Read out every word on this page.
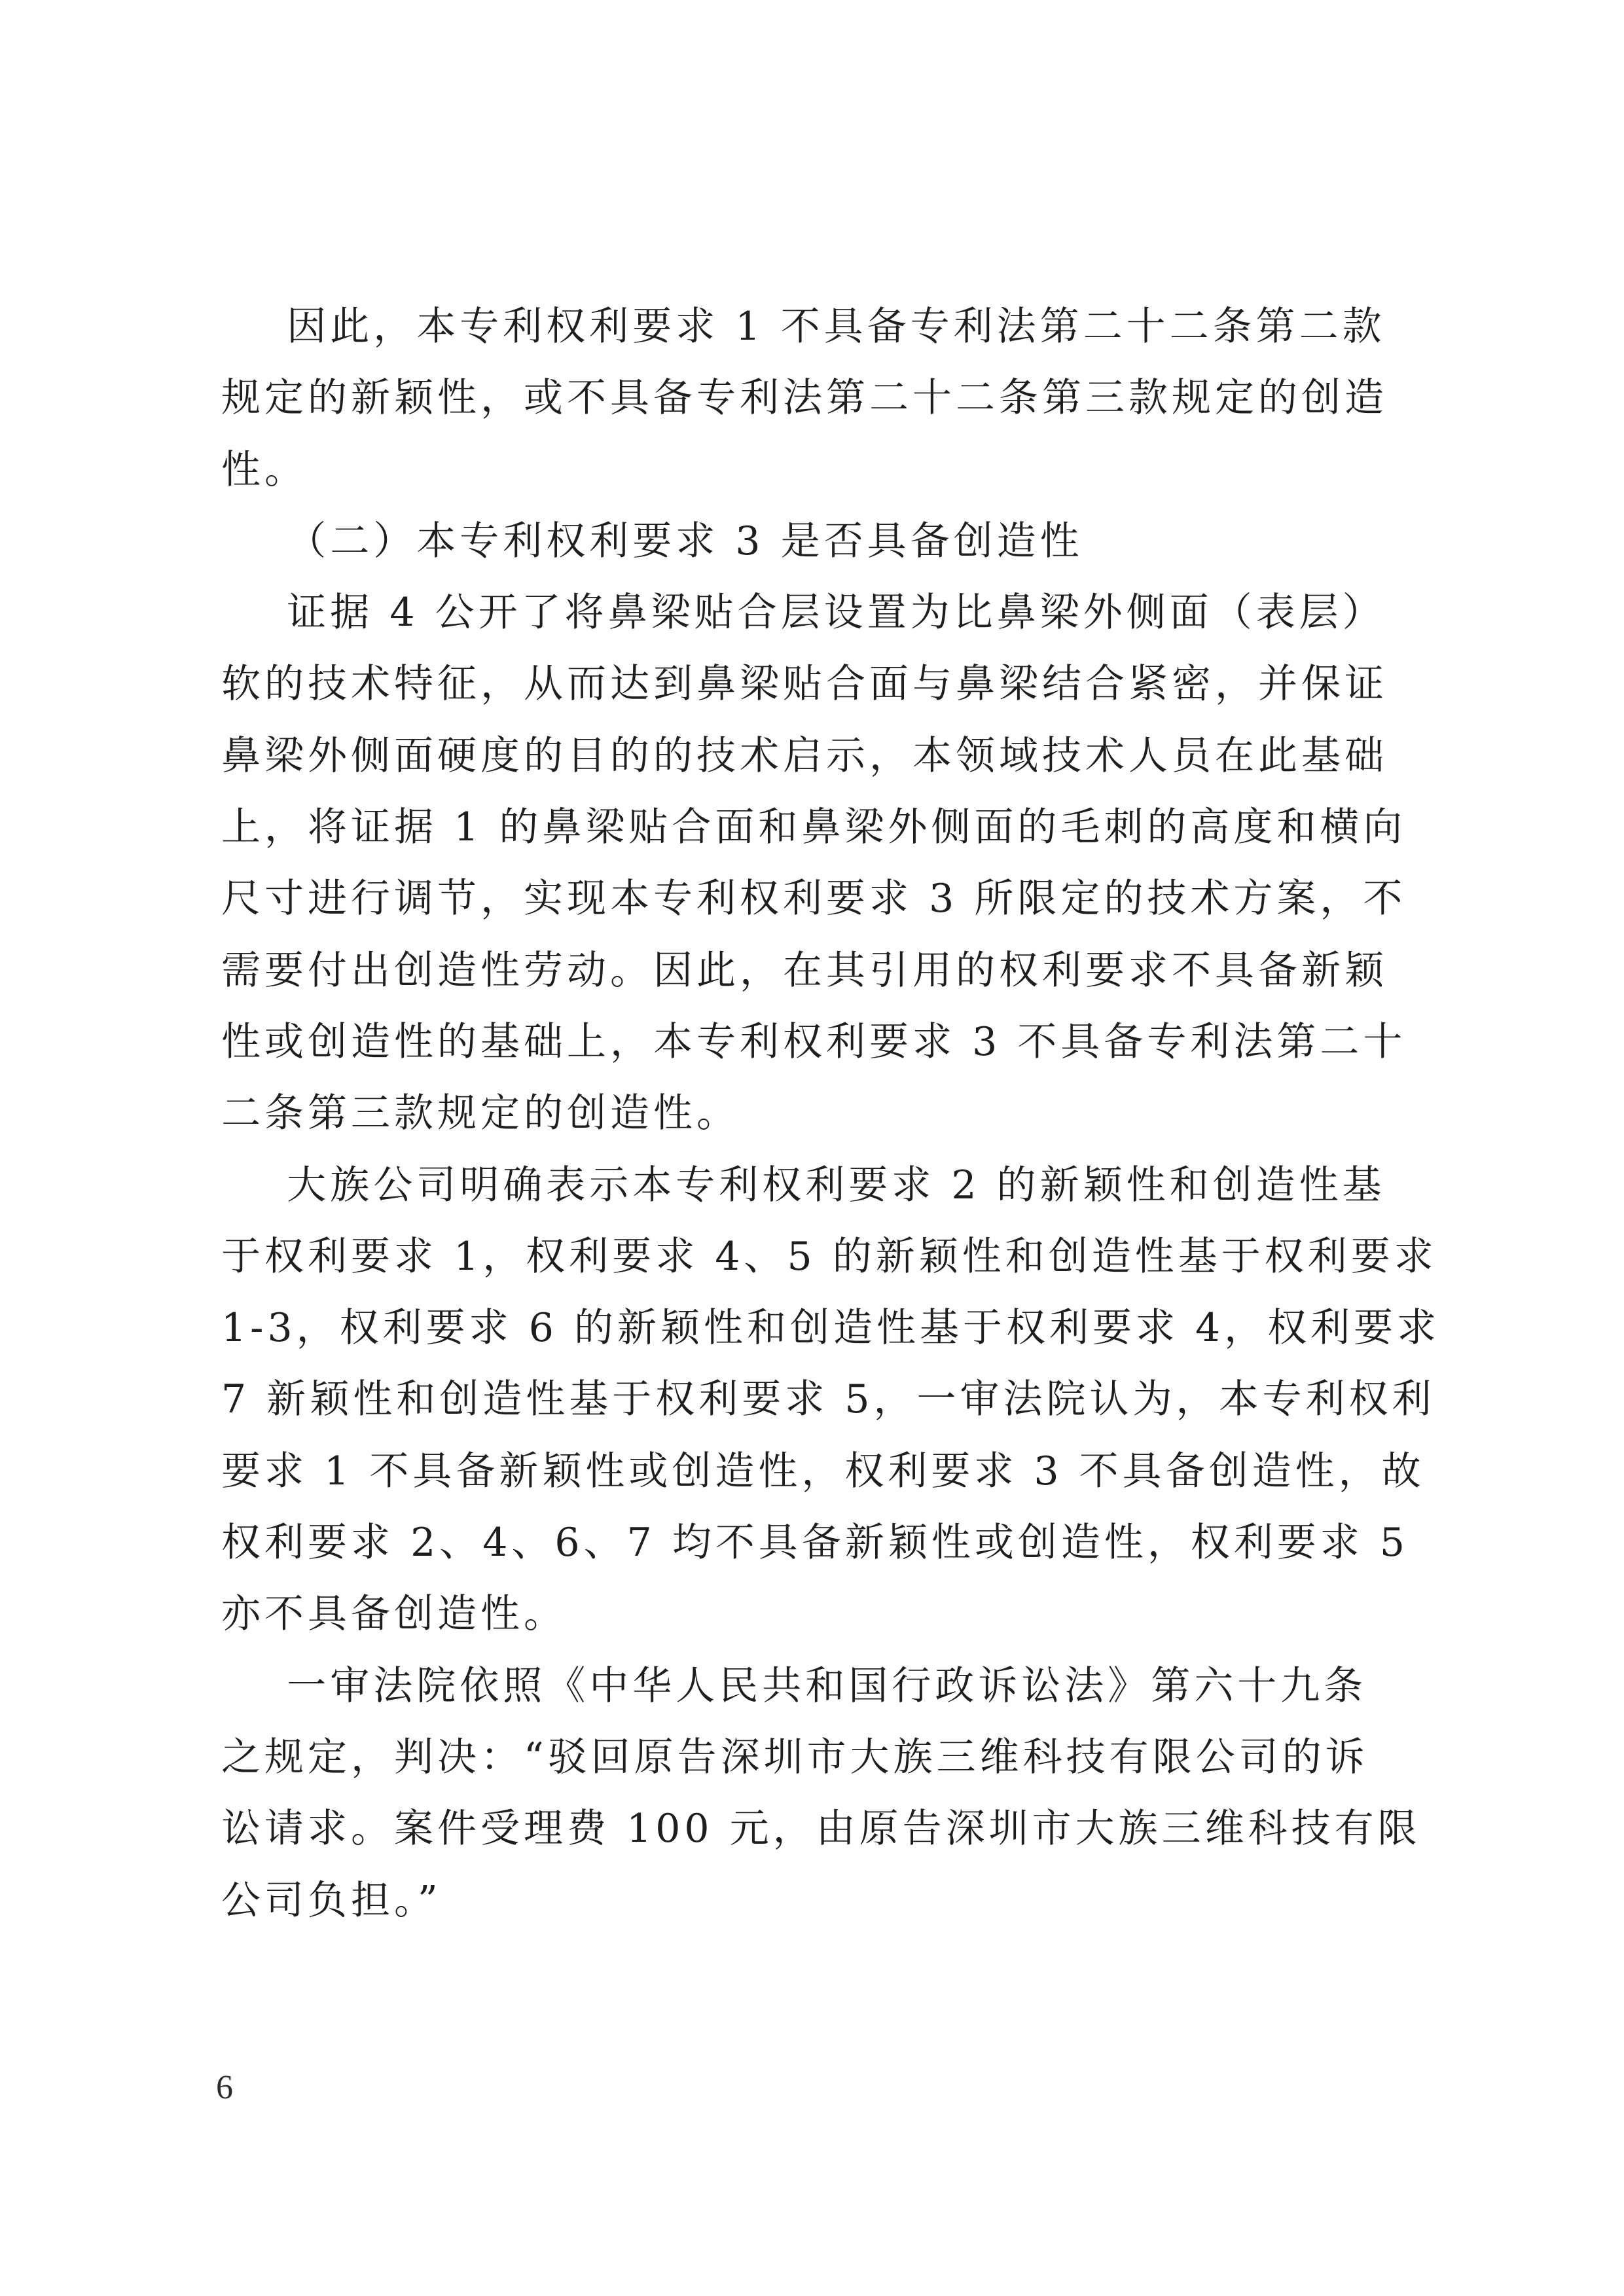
因此，本专利权利要求 1 不具备专利法第二十二条第二款
规定的新颖性，或不具备专利法第二十二条第三款规定的创造
性。
（二）本专利权利要求 3 是否具备创造性
证据 4 公开了将鼻梁贴合层设置为比鼻梁外侧面（表层）
软的技术特征，从而达到鼻梁贴合面与鼻梁结合紧密，并保证
鼻梁外侧面硬度的目的的技术启示，本领域技术人员在此基础
上，将证据 1 的鼻梁贴合面和鼻梁外侧面的毛刺的高度和横向
尺寸进行调节，实现本专利权利要求 3 所限定的技术方案，不
需要付出创造性劳动。因此，在其引用的权利要求不具备新颖
性或创造性的基础上，本专利权利要求 3 不具备专利法第二十
二条第三款规定的创造性。
大族公司明确表示本专利权利要求 2 的新颖性和创造性基
于权利要求 1，权利要求 4、5 的新颖性和创造性基于权利要求
1-3，权利要求 6 的新颖性和创造性基于权利要求 4，权利要求
7 新颖性和创造性基于权利要求 5，一审法院认为，本专利权利
要求 1 不具备新颖性或创造性，权利要求 3 不具备创造性，故
权利要求 2、4、6、7 均不具备新颖性或创造性，权利要求 5
亦不具备创造性。
一审法院依照《中华人民共和国行政诉讼法》第六十九条
之规定，判决：“驳回原告深圳市大族三维科技有限公司的诉
讼请求。案件受理费 100 元，由原告深圳市大族三维科技有限
公司负担。”
6
